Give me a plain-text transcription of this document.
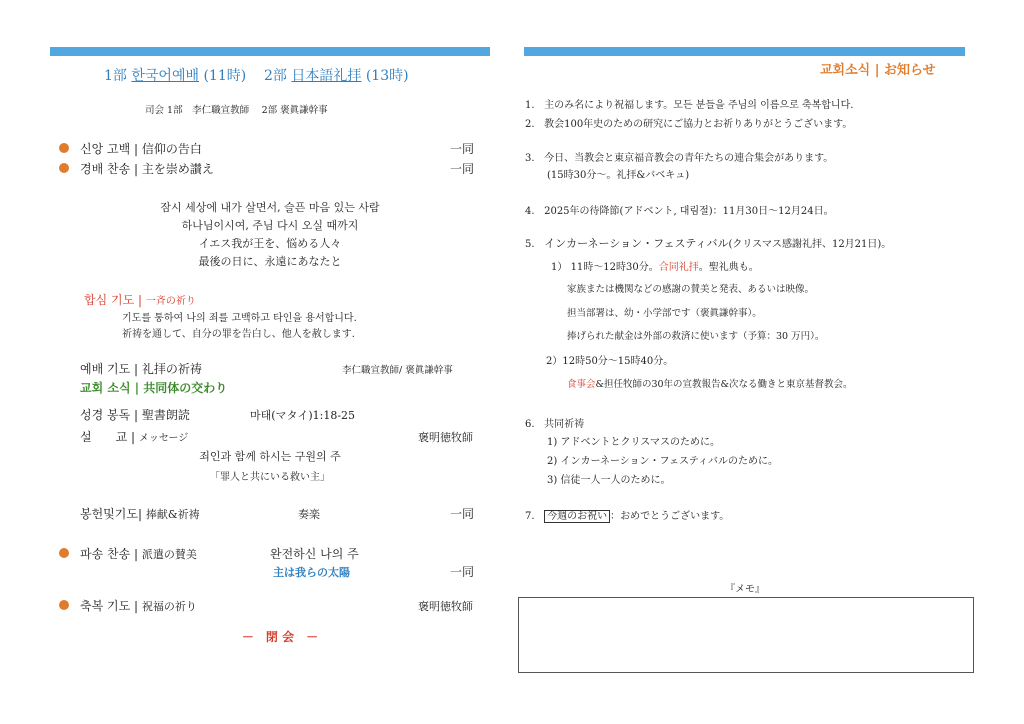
1部 한국어예배 (11時) 2部 日本語礼拝 (13時)
司会 1部　李仁職宣教師　 2部 褒眞謙幹事
신앙 고백 | 信仰の告白	一同
경배 찬송 | 主を崇め讃え	一同
잠시 세상에 내가 살면서, 슬픈 마음 있는 사람
하나님이시여, 주님 다시 오실 때까지
イエス我が王を、悩める人々
最後の日に、永遠にあなたと
합심 기도 | 一斉の祈り
기도를 통하여 나의 죄를 고백하고 타인을 용서합니다.
祈祷を通して、自分の罪を告白し、他人を赦します.
예배 기도 | 礼拝の祈祷	李仁職宣教師/ 褒眞謙幹事
교회 소식 | 共同体の交わり
성경 봉독 | 聖書朗読	마태(マタイ)1:18-25
설　　교 | メッセージ	褒明徳牧師
죄인과 함께 하시는 구원의 주
「罪人と共にいる救い主」
봉헌및기도| 捧献&祈祷	奏楽	一同
파송 찬송 | 派遣の賛美	완전하신 나의 주
主は我らの太陽	一同
축복 기도 | 祝福の祈り	褒明徳牧師
－　閉 会　－
교회소식 | お知らせ
1. 主のみ名により祝福します。모든 분들을 주님의 이름으로 축복합니다.
2. 教会100年史のための研究にご協力とお祈りありがとうございます。
3. 今日、当教会と東京福音教会の青年たちの連合集会があります。
(15時30分～。礼拝&バベキュ)
4. 2025年の待降節(アドベント, 대림절)：11月30日～12月24日。
5. インカーネーション・フェスティバル(クリスマス感謝礼拝、12月21日)。
1） 11時～12時30分。合同礼拝。聖礼典も。
家族または機関などの感謝の賛美と発表、あるいは映像。
担当部署は、幼・小学部です（褒眞謙幹事）。
捧げられた献金は外部の救済に使います（予算：30 万円）。
2）12時50分～15時40分。
食事会&担任牧師の30年の宣教報告&次なる働きと東京基督教会。
6. 共同祈祷
1) アドベントとクリスマスのために。
2) インカーネーション・フェスティバルのために。
3) 信徒一人一人のために。
7. 今週のお祝い ：おめでとうございます。
『メモ』
